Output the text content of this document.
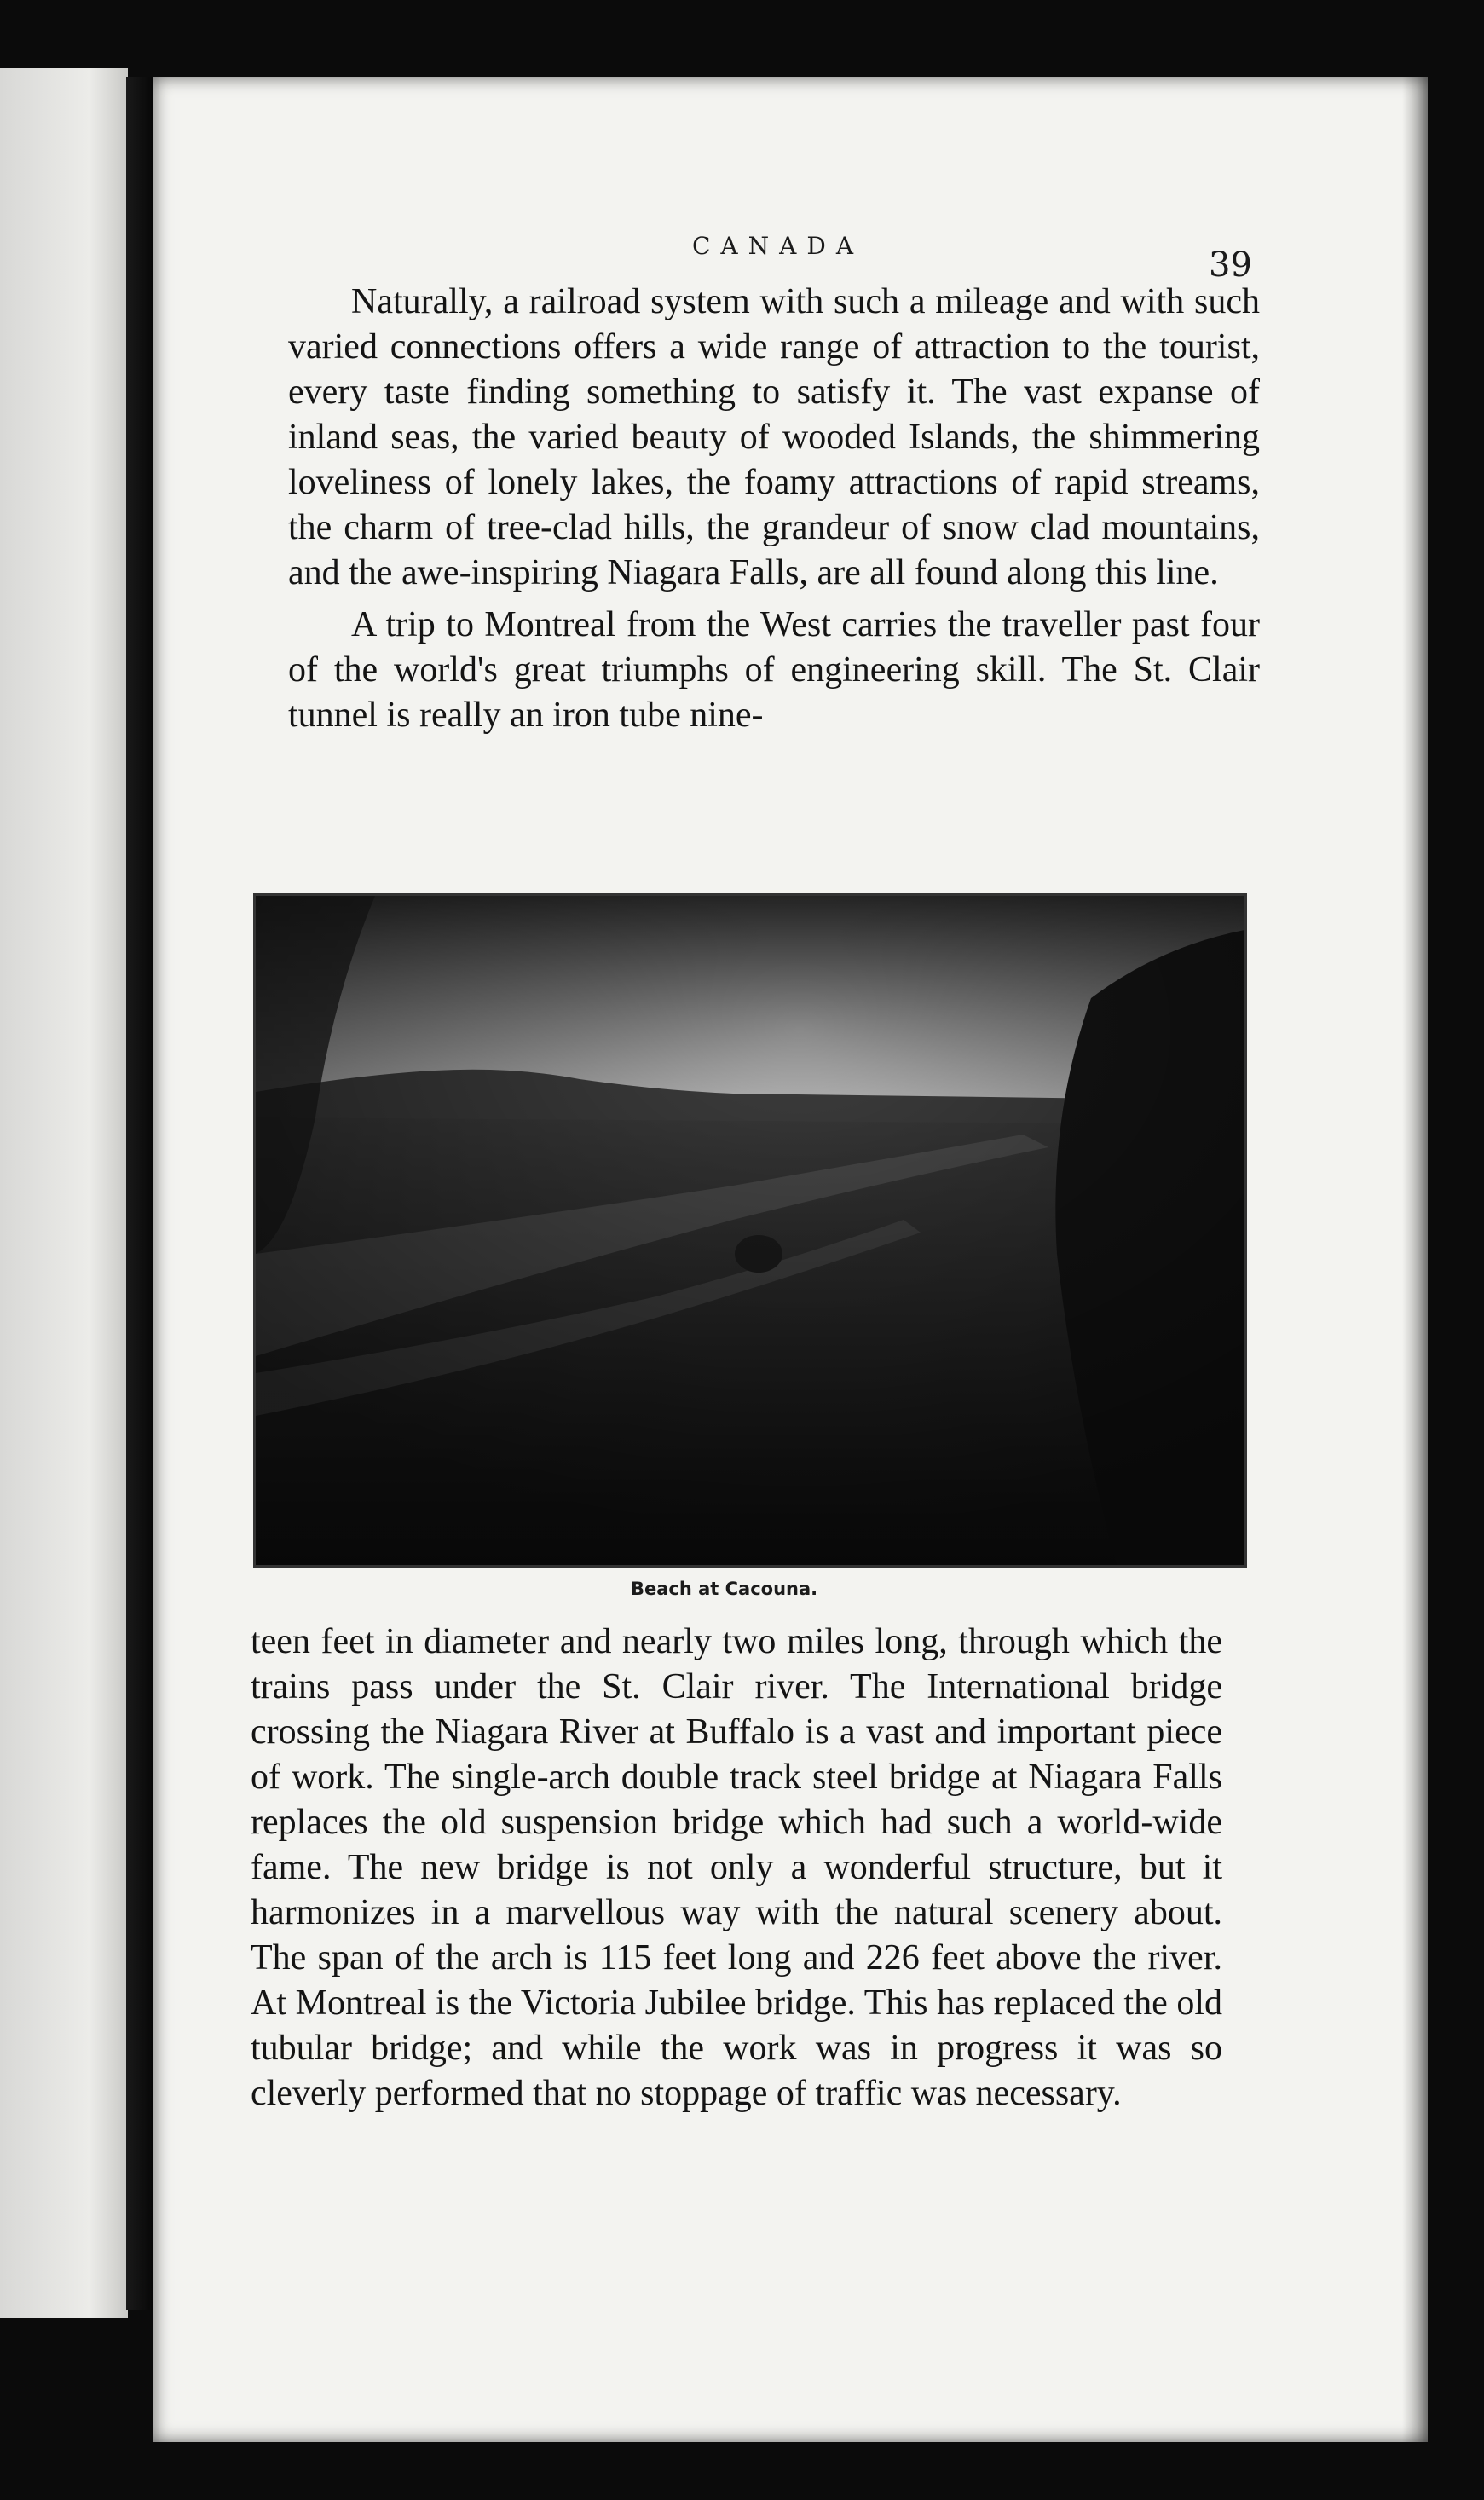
CANADA	39

Naturally, a railroad system with such a mileage and with such varied connections offers a wide range of attraction to the tourist, every taste finding something to satisfy it. The vast expanse of inland seas, the varied beauty of wooded Islands, the shimmering loveliness of lonely lakes, the foamy attractions of rapid streams, the charm of tree-clad hills, the grandeur of snow clad mountains, and the awe-inspiring Niagara Falls, are all found along this line.

A trip to Montreal from the West carries the traveller past four of the world's great triumphs of engineering skill. The St. Clair tunnel is really an iron tube nine-

Beach at Cacouna.

teen feet in diameter and nearly two miles long, through which the trains pass under the St. Clair river. The International bridge crossing the Niagara River at Buffalo is a vast and important piece of work. The single-arch double track steel bridge at Niagara Falls replaces the old suspension bridge which had such a world-wide fame. The new bridge is not only a wonderful structure, but it harmonizes in a marvellous way with the natural scenery about. The span of the arch is 115 feet long and 226 feet above the river. At Montreal is the Victoria Jubilee bridge. This has replaced the old tubular bridge; and while the work was in progress it was so cleverly performed that no stoppage of traffic was necessary.
